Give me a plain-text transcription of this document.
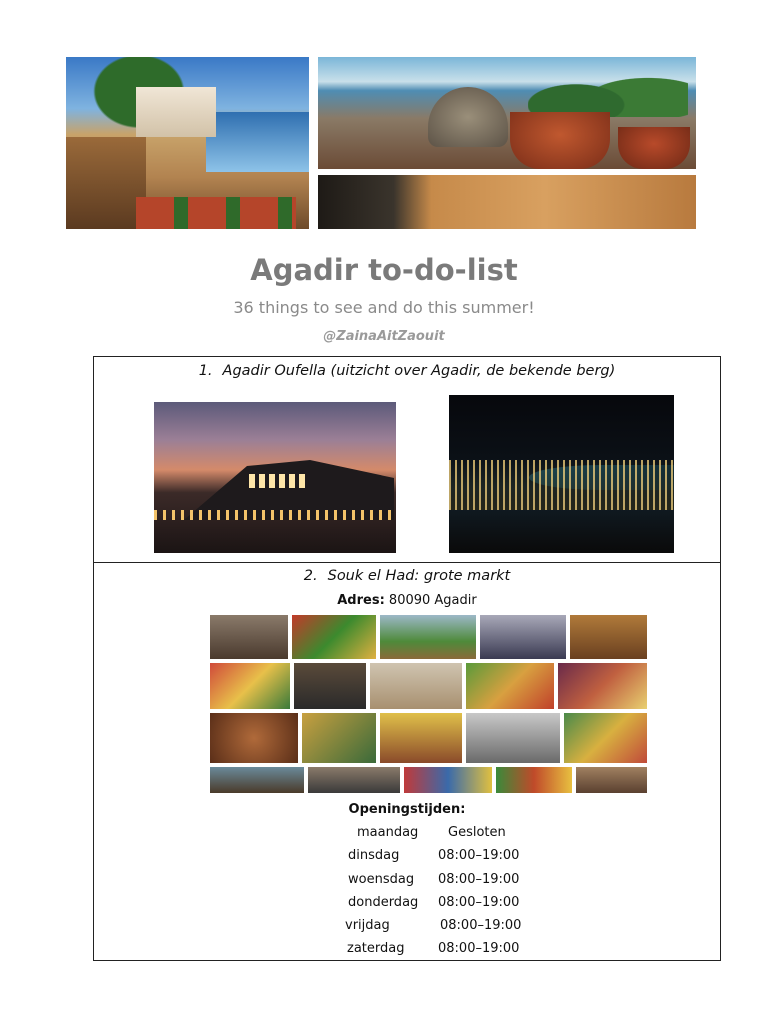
Agadir to-do-list
36 things to see and do this summer!
@ZainaAitZaouit
1. Agadir Oufella (uitzicht over Agadir, de bekende berg)
2. Souk el Had: grote markt
Adres: 80090 Agadir
Openingstijden:
maandag Gesloten
dinsdag	08:00–19:00
woensdag 08:00–19:00
donderdag 08:00–19:00
vrijdag	08:00–19:00
zaterdag	08:00–19:00
